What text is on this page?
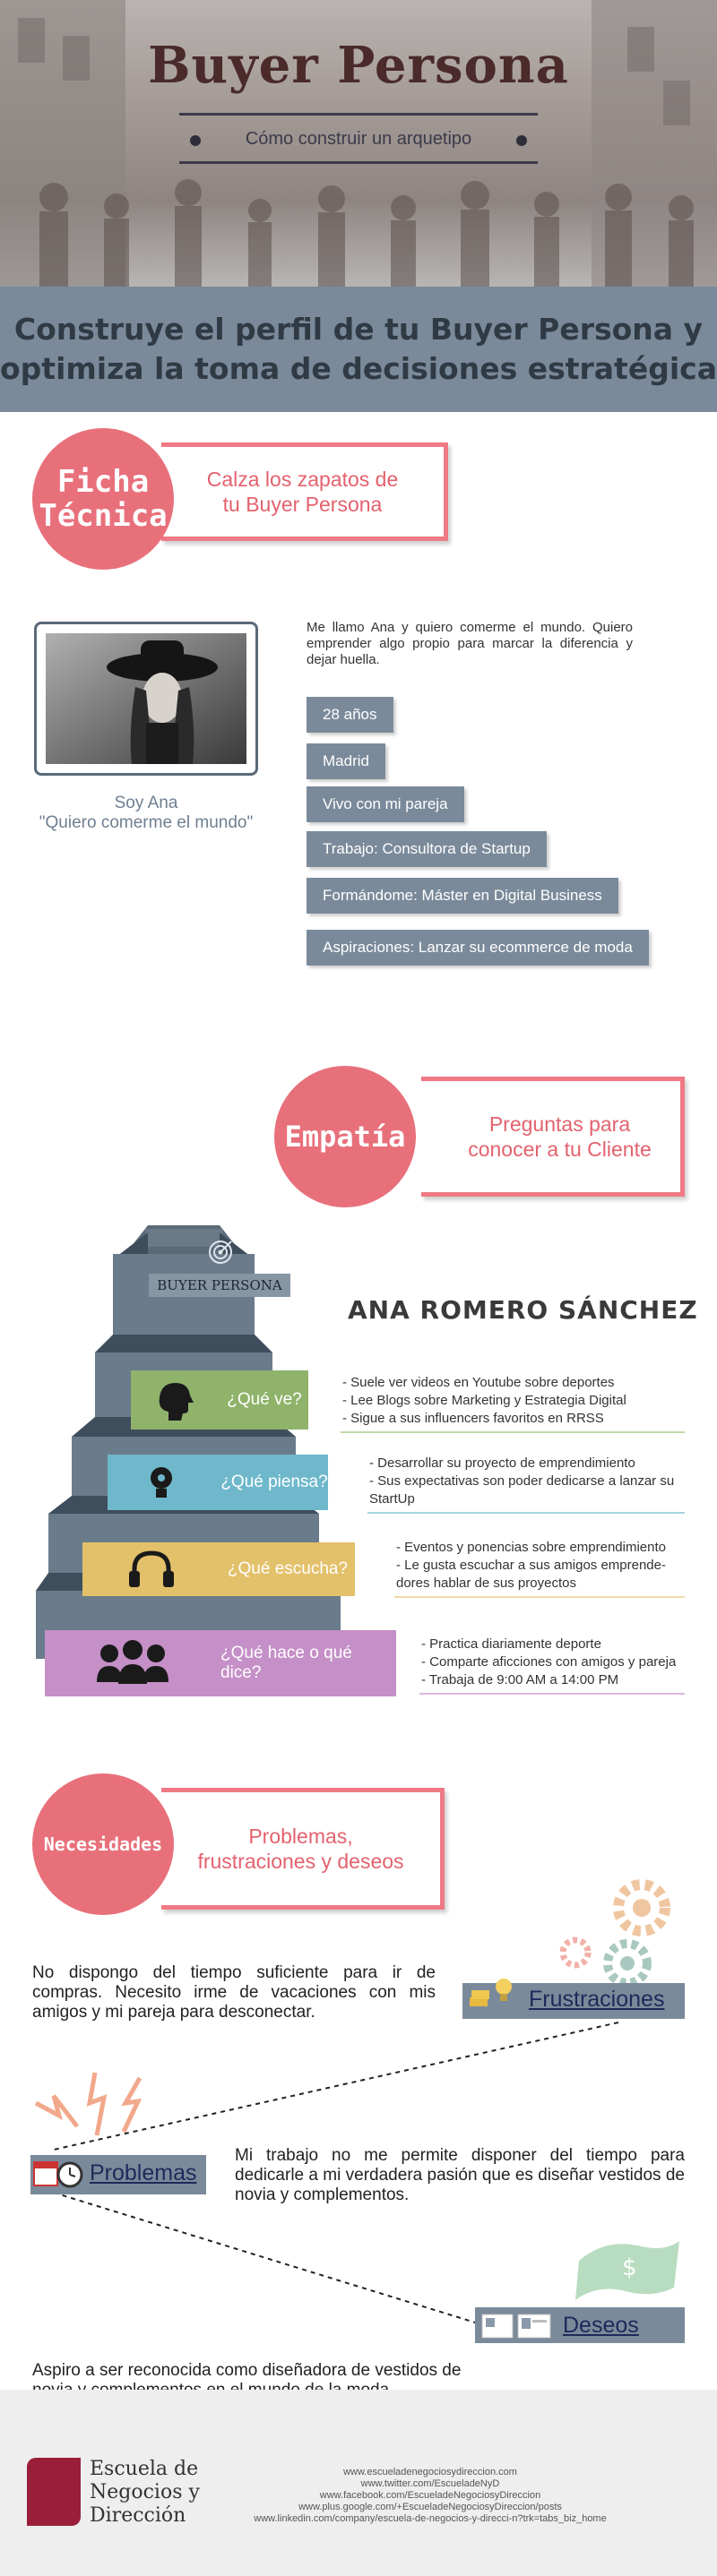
Buyer Persona
Cómo construir un arquetipo
Construye el perfil de tu Buyer Persona y
optimiza la toma de decisiones estratégica
Ficha
Técnica
Calza los zapatos de
tu Buyer Persona
Soy Ana
"Quiero comerme el mundo"
Me llamo Ana y quiero comerme el mundo. Quiero emprender algo propio para marcar la diferencia y dejar huella.
28 años
Madrid
Vivo con mi pareja
Trabajo: Consultora de Startup
Formándome: Máster en Digital Business
Aspiraciones: Lanzar su ecommerce de moda
Preguntas para
conocer a tu Cliente
Empatía
BUYER PERSONA
ANA ROMERO SÁNCHEZ
¿Qué ve?
¿Qué piensa?
¿Qué escucha?
¿Qué hace o qué dice?
- Suele ver videos en Youtube sobre deportes
- Lee Blogs sobre Marketing y Estrategia Digital
- Sigue a sus influencers favoritos en RRSS
- Desarrollar su proyecto de emprendimiento
- Sus expectativas son poder dedicarse a lanzar su
StartUp
- Eventos y ponencias sobre emprendimiento
- Le gusta escuchar a sus amigos emprende-
dores hablar de sus proyectos
- Practica diariamente deporte
- Comparte aficciones con amigos y pareja
- Trabaja de 9:00 AM a 14:00 PM
Necesidades	Problemas,
frustraciones y deseos
No dispongo del tiempo suficiente para ir de compras. Necesito irme de vacaciones con mis amigos y mi pareja para desconectar.
Frustraciones
Problemas
Mi trabajo no me permite disponer del tiempo para dedicarle a mi verdadera pasión que es diseñar vestidos de novia y complementos.
$
Deseos
Aspiro a ser reconocida como diseñadora de vestidos de
Escuela de
Negocios y
Dirección
www.escueladenegociosydireccion.com
www.twitter.com/EscueladeNyD
www.facebook.com/EscueladeNegociosyDireccion
www.plus.google.com/+EscueladeNegociosyDireccion/posts
www.linkedin.com/company/escuela-de-negocios-y-direcci-n?trk=tabs_biz_home
